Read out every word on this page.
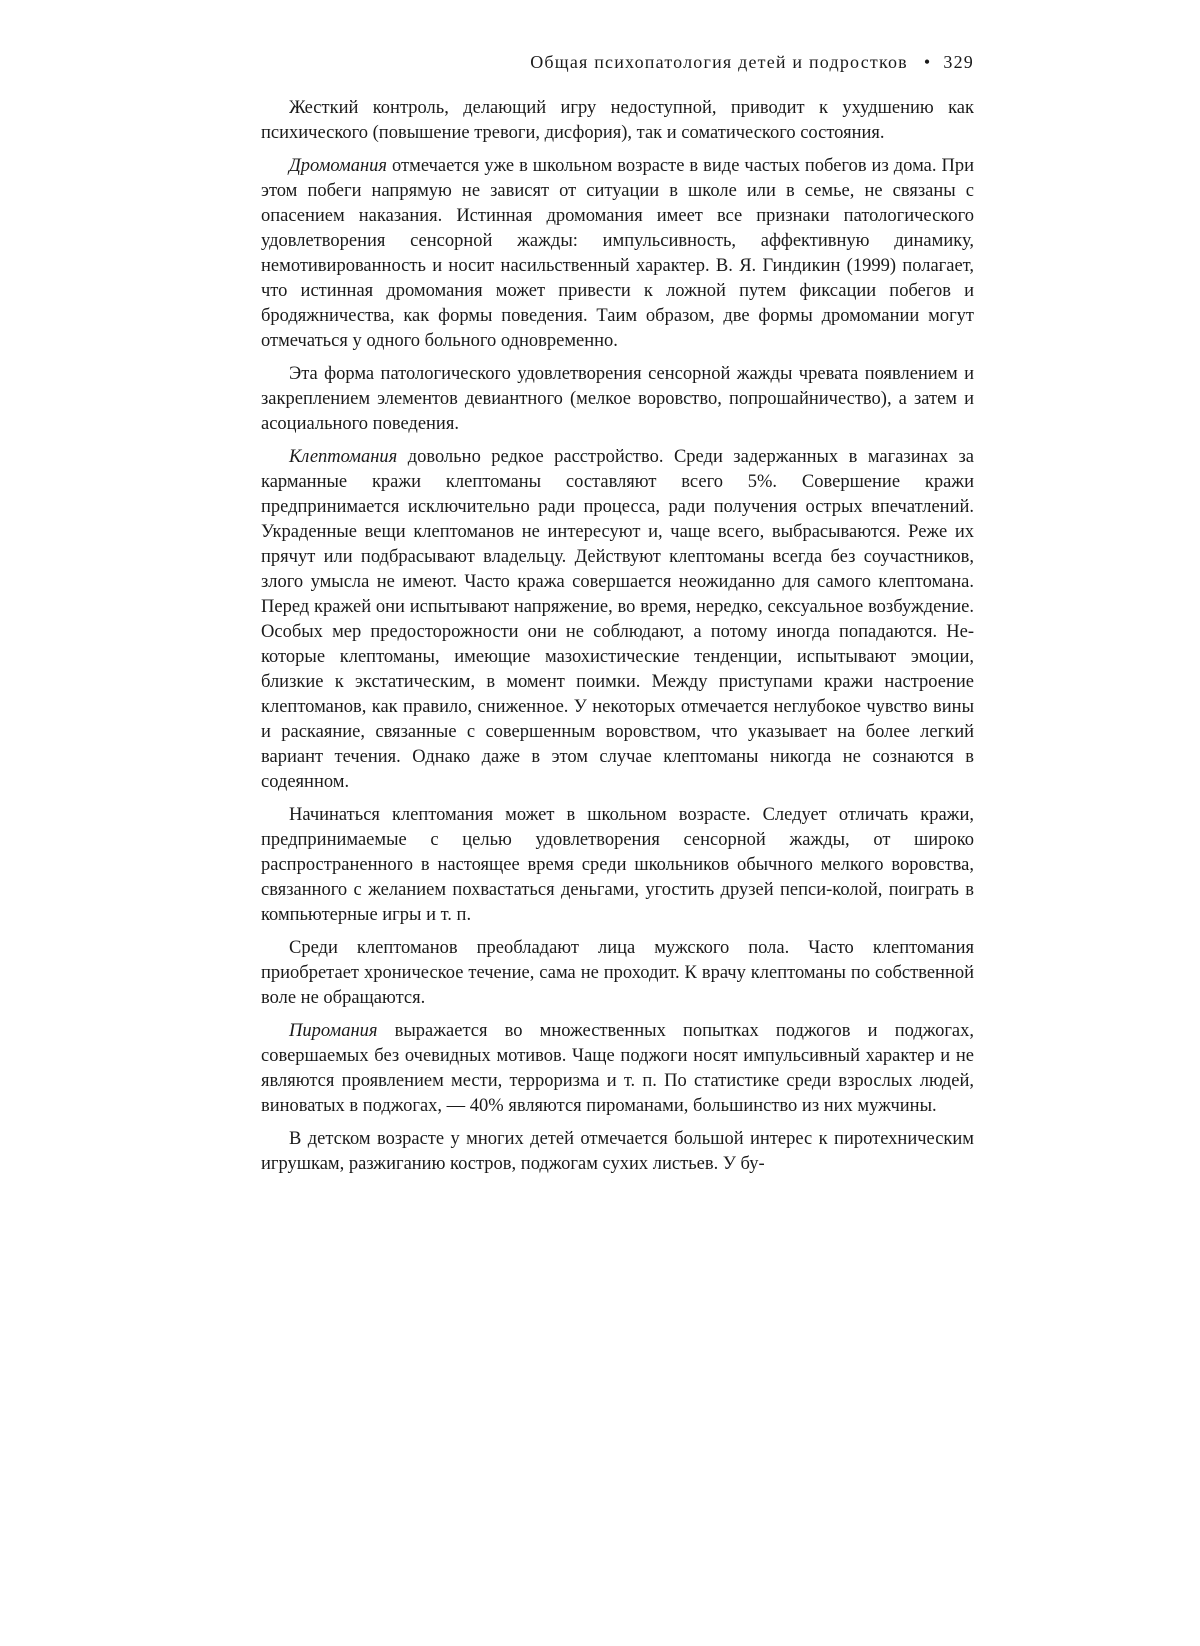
Общая психопатология детей и подростков • 329

Жесткий контроль, делающий игру недоступной, приводит к ухудшению как психического (повышение тревоги, дисфория), так и соматического состояния.

Дромомания отмечается уже в школьном возрасте в виде частых побегов из дома. При этом побеги напрямую не зависят от ситуации в школе или в семье, не связаны с опасением наказания. Истинная дромомания имеет все признаки патологического удовлетворения сенсорной жажды: импульсивность, аффективную динамику, немотивированность и носит насильственный характер. В. Я. Гиндикин (1999) полагает, что истинная дромомания может привести к ложной путем фиксации побегов и бродяжничества, как формы поведения. Таим образом, две формы дромомании могут отмечаться у одного больного одновременно.

Эта форма патологического удовлетворения сенсорной жажды чревата появлением и закреплением элементов девиантного (мелкое воровство, попрошайничество), а затем и асоциального поведения.

Клептомания довольно редкое расстройство. Среди задержанных в магазинах за карманные кражи клептоманы составляют всего 5%. Совершение кражи предпринимается исключительно ради процесса, ради получения острых впечатлений. Украденные вещи клептоманов не интересуют и, чаще всего, выбрасываются. Реже их прячут или подбрасывают владельцу. Действуют клептоманы всегда без соучастников, злого умысла не имеют. Часто кража совершается неожиданно для самого клептомана. Перед кражей они испытывают напряжение, во время, нередко, сексуальное возбуждение. Особых мер предосторожности они не соблюдают, а потому иногда попадаются. Некоторые клептоманы, имеющие мазохистические тенденции, испытывают эмоции, близкие к экстатическим, в момент поимки. Между приступами кражи настроение клептоманов, как правило, сниженное. У некоторых отмечается неглубокое чувство вины и раскаяние, связанные с совершенным воровством, что указывает на более легкий вариант течения. Однако даже в этом случае клептоманы никогда не сознаются в содеянном.

Начинаться клептомания может в школьном возрасте. Следует отличать кражи, предпринимаемые с целью удовлетворения сенсорной жажды, от широко распространенного в настоящее время среди школьников обычного мелкого воровства, связанного с желанием похвастаться деньгами, угостить друзей пепси-колой, поиграть в компьютерные игры и т. п.

Среди клептоманов преобладают лица мужского пола. Часто клептомания приобретает хроническое течение, сама не проходит. К врачу клептоманы по собственной воле не обращаются.

Пиромания выражается во множественных попытках поджогов и поджогах, совершаемых без очевидных мотивов. Чаще поджоги носят импульсивный характер и не являются проявлением мести, терроризма и т. п. По статистике среди взрослых людей, виноватых в поджогах, — 40% являются пироманами, большинство из них мужчины.

В детском возрасте у многих детей отмечается большой интерес к пиротехническим игрушкам, разжиганию костров, поджогам сухих листьев. У бу-
